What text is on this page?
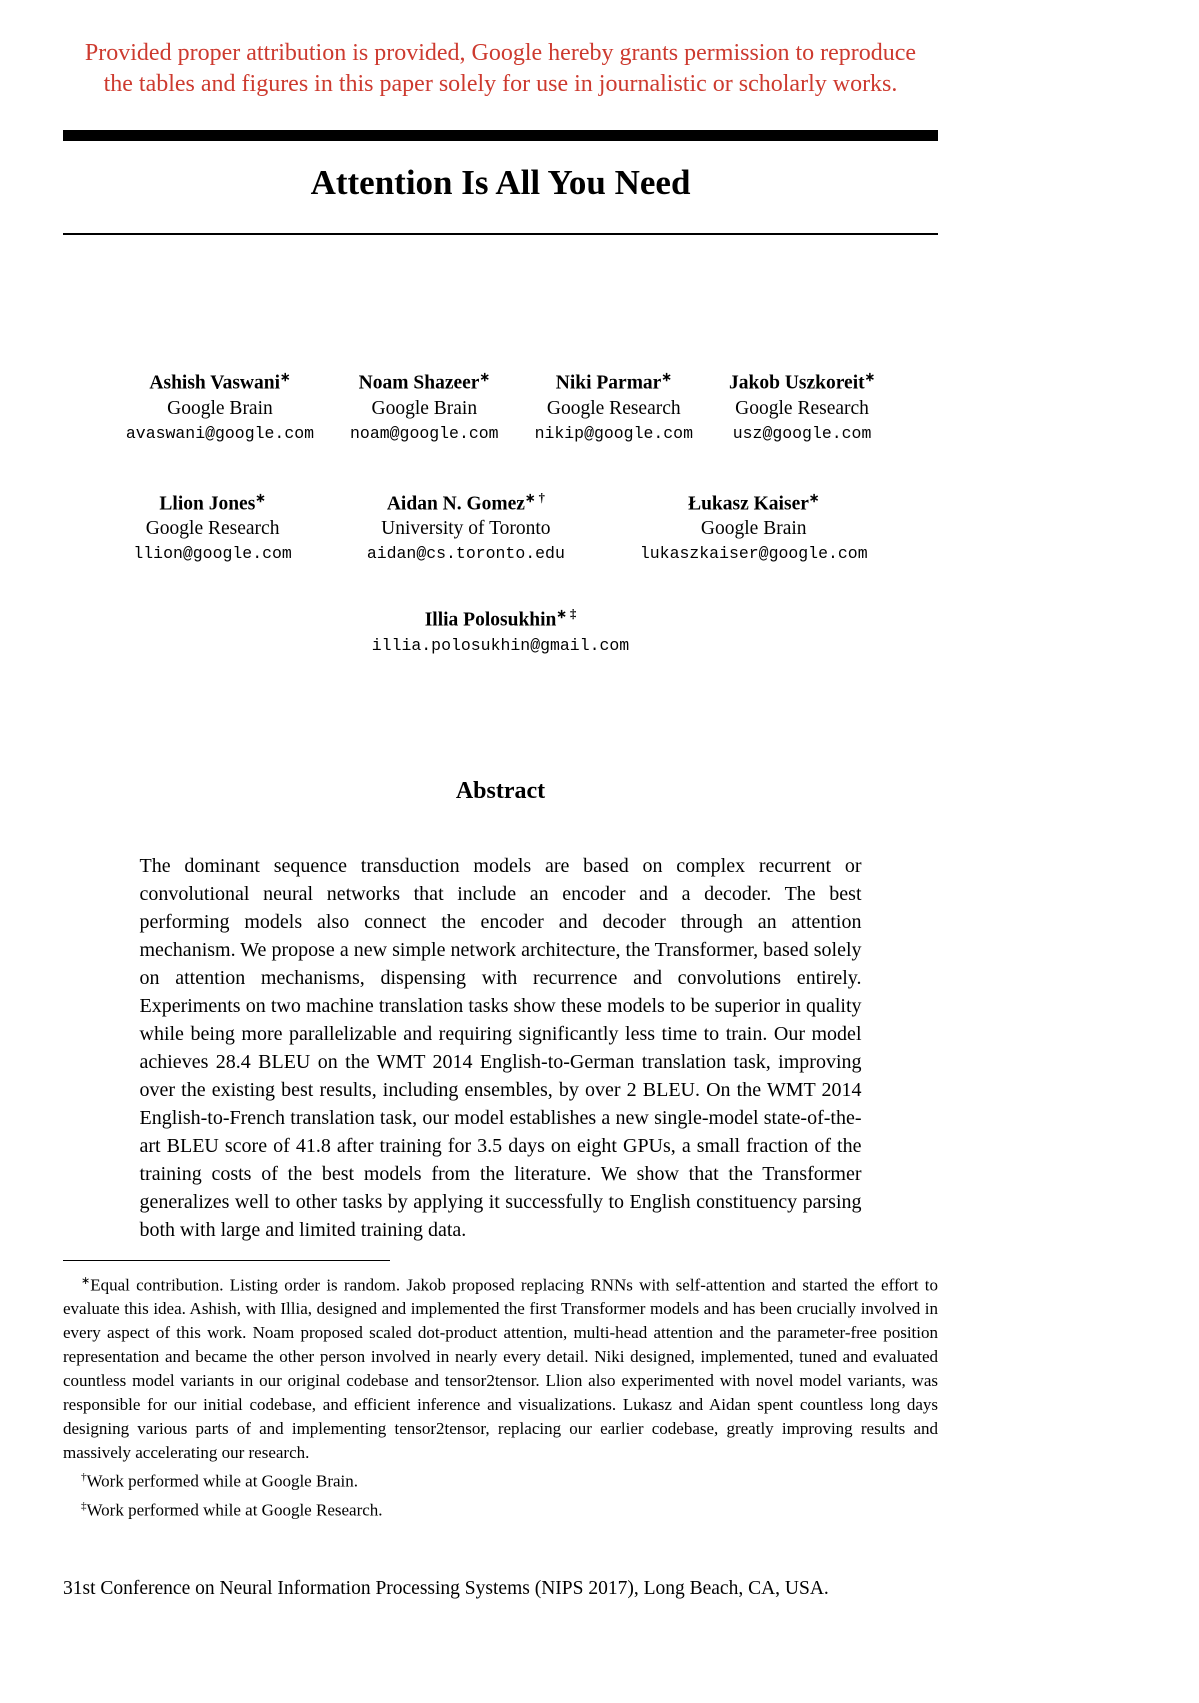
Provided proper attribution is provided, Google hereby grants permission to reproduce the tables and figures in this paper solely for use in journalistic or scholarly works.

Attention Is All You Need
Ashish Vaswani∗
Google Brain
avaswani@google.com
Noam Shazeer∗
Google Brain
noam@google.com
Niki Parmar∗
Google Research
nikip@google.com
Jakob Uszkoreit∗
Google Research
usz@google.com
Llion Jones∗
Google Research
llion@google.com
Aidan N. Gomez∗ †
University of Toronto
aidan@cs.toronto.edu
Łukasz Kaiser∗
Google Brain
lukaszkaiser@google.com
Illia Polosukhin∗ ‡
illia.polosukhin@gmail.com
Abstract

The dominant sequence transduction models are based on complex recurrent or convolutional neural networks that include an encoder and a decoder. The best performing models also connect the encoder and decoder through an attention mechanism. We propose a new simple network architecture, the Transformer, based solely on attention mechanisms, dispensing with recurrence and convolutions entirely. Experiments on two machine translation tasks show these models to be superior in quality while being more parallelizable and requiring significantly less time to train. Our model achieves 28.4 BLEU on the WMT 2014 English-to-German translation task, improving over the existing best results, including ensembles, by over 2 BLEU. On the WMT 2014 English-to-French translation task, our model establishes a new single-model state-of-the-art BLEU score of 41.8 after training for 3.5 days on eight GPUs, a small fraction of the training costs of the best models from the literature. We show that the Transformer generalizes well to other tasks by applying it successfully to English constituency parsing both with large and limited training data.

∗Equal contribution. Listing order is random. Jakob proposed replacing RNNs with self-attention and started the effort to evaluate this idea. Ashish, with Illia, designed and implemented the first Transformer models and has been crucially involved in every aspect of this work. Noam proposed scaled dot-product attention, multi-head attention and the parameter-free position representation and became the other person involved in nearly every detail. Niki designed, implemented, tuned and evaluated countless model variants in our original codebase and tensor2tensor. Llion also experimented with novel model variants, was responsible for our initial codebase, and efficient inference and visualizations. Lukasz and Aidan spent countless long days designing various parts of and implementing tensor2tensor, replacing our earlier codebase, greatly improving results and massively accelerating our research.

†Work performed while at Google Brain.

‡Work performed while at Google Research.

31st Conference on Neural Information Processing Systems (NIPS 2017), Long Beach, CA, USA.
